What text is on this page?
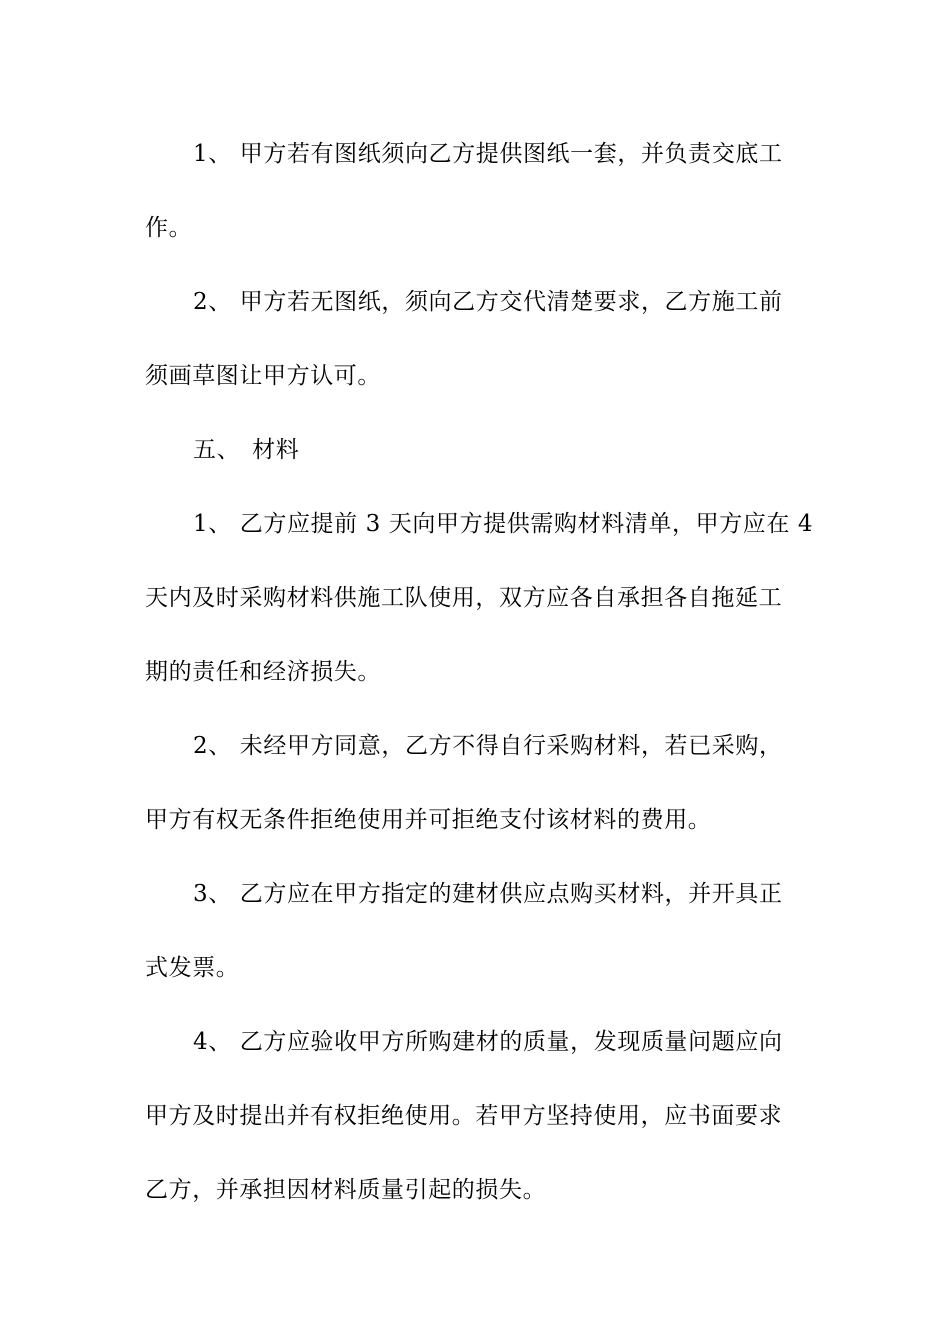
1、 甲方若有图纸须向乙方提供图纸一套，并负责交底工
作。
2、 甲方若无图纸，须向乙方交代清楚要求，乙方施工前
须画草图让甲方认可。
五、 材料
1、 乙方应提前 3 天向甲方提供需购材料清单，甲方应在 4
天内及时采购材料供施工队使用，双方应各自承担各自拖延工
期的责任和经济损失。
2、 未经甲方同意，乙方不得自行采购材料，若已采购，
甲方有权无条件拒绝使用并可拒绝支付该材料的费用。
3、 乙方应在甲方指定的建材供应点购买材料，并开具正
式发票。
4、 乙方应验收甲方所购建材的质量，发现质量问题应向
甲方及时提出并有权拒绝使用。若甲方坚持使用，应书面要求
乙方，并承担因材料质量引起的损失。
